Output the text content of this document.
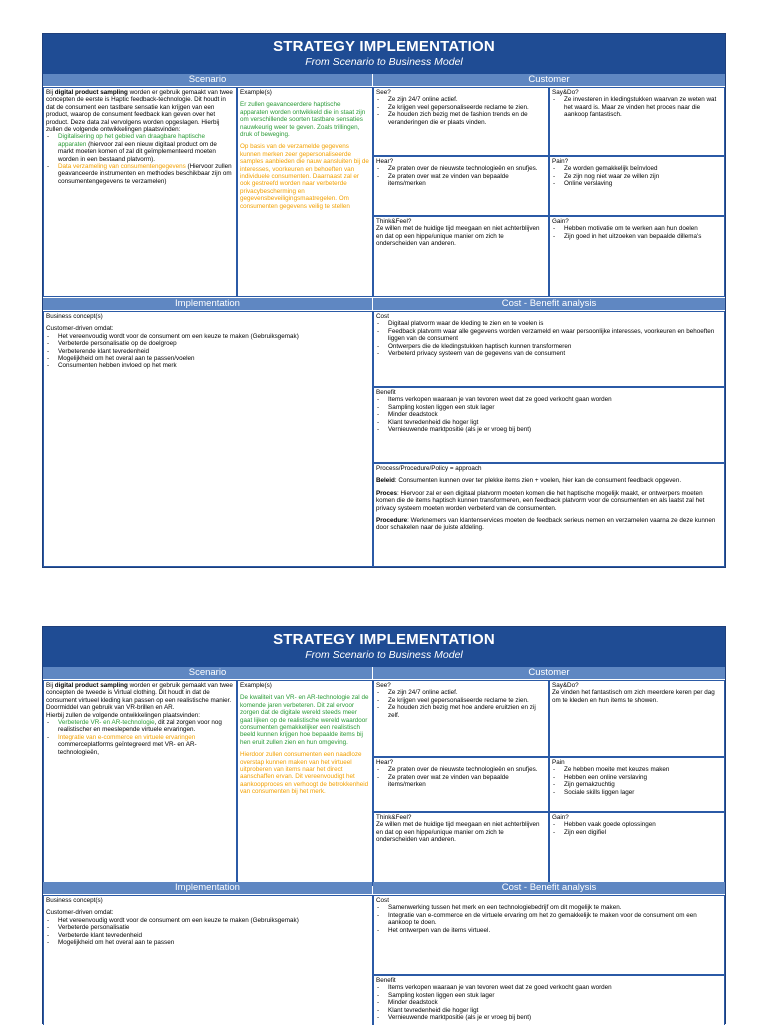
STRATEGY IMPLEMENTATION
From Scenario to Business Model
Scenario	Customer

Bij digital product sampling worden er gebruik gemaakt van twee concepten de eerste is Haptic feedback-technologie. Dit houdt in dat de consument een tastbare sensatie kan krijgen van een product, waarop de consument feedback kan geven over het product. Deze data zal vervolgens worden opgeslagen. Hierbij zullen de volgende ontwikkelingen plaatsvinden:

- Digitalisering op het gebied van draagbare haptische apparaten (hiervoor zal een nieuw digitaal product om de markt moeten komen of zal dit geïmplementeerd moeten worden in een bestaand platvorm).
- Data verzameling van consumentengegevens (Hiervoor zullen geavanceerde instrumenten en methodes beschikbaar zijn om consumentengegevens te verzamelen)
Example(s)

Er zullen geavanceerdere haptische apparaten worden ontwikkeld die in staat zijn om verschillende soorten tastbare sensaties nauwkeurig weer te geven. Zoals trillingen, druk of beweging.

Op basis van de verzamelde gegevens kunnen merken zeer gepersonaliseerde samples aanbieden die nauw aansluiten bij de interesses, voorkeuren en behoeften van individuele consumenten. Daarnaast zal er ook gestreefd worden naar verbeterde privacybescherming en gegevensbeveiligingsmaatregelen. Om consumenten gegevens veilig te stellen

See?
- Ze zijn 24/7 online actief.
- Ze krijgen veel gepersonaliseerde reclame te zien.
- Ze houden zich bezig met de fashion trends en de veranderingen die er plaats vinden.
Say&Do?
- Ze investeren in kledingstukken waarvan ze weten wat het waard is. Maar ze vinden het proces naar die aankoop fantastisch.
Hear?
- Ze praten over de nieuwste technologieën en snufjes.
- Ze praten over wat ze vinden van bepaalde items/merken
Pain?
- Ze worden gemakkelijk beïnvloed
- Ze zijn nog niet waar ze willen zijn
- Online verslaving
Think&Feel?

Ze willen met de huidige tijd meegaan en niet achterblijven en dat op een hippe/unique manier om zich te onderscheiden van anderen.

Gain?
- Hebben motivatie om te werken aan hun doelen
- Zijn goed in het uitzoeken van bepaalde dillema's
Implementation	Cost - Benefit analysis
Business concept(s)

Customer-driven omdat:

- Het vereenvoudig wordt voor de consument om een keuze te maken (Gebruiksgemak)
- Verbeterde personalisatie op de doelgroep
- Verbeterende klant tevredenheid
- Mogelijkheid om het overal aan te passen/voelen
- Consumenten hebben invloed op het merk
Cost
- Digitaal platvorm waar de kleding te zien en te voelen is
- Feedback platvorm waar alle gegevens worden verzameld en waar persoonlijke interesses, voorkeuren en behoeften liggen van de consument
- Ontwerpers die de kledingstukken haptisch kunnen transformeren
- Verbeterd privacy systeem van de gegevens van de consument
Benefit
- Items verkopen waaraan je van tevoren weet dat ze goed verkocht gaan worden
- Sampling kosten liggen een stuk lager
- Minder deadstock
- Klant tevredenheid die hoger ligt
- Vernieuwende marktpositie (als je er vroeg bij bent)
Process/Procedure/Policy = approach

Beleid: Consumenten kunnen over ter plekke items zien + voelen, hier kan de consument feedback opgeven.

Proces: Hiervoor zal er een digitaal platvorm moeten komen die het haptische mogelijk maakt, er ontwerpers moeten komen die de items haptisch kunnen transformeren, een feedback platvorm voor de consumenten en als laatst zal het privacy systeem moeten worden verbeterd van de consumenten.

Procedure: Werknemers van klantenservices moeten de feedback serieus nemen en verzamelen vaarna ze deze kunnen door schakelen naar de juiste afdeling.

STRATEGY IMPLEMENTATION
From Scenario to Business Model
Scenario	Customer

Bij digital product sampling worden er gebruik gemaakt van twee concepten de tweede is Virtual clothing. Dit houdt in dat de consument virtueel kleding kan passen op een realistische manier. Doormiddel van gebruik van VR-brillen en AR.

Hierbij zullen de volgende ontwikkelingen plaatsvinden:

- Verbeterde VR- en AR-technologie, dit zal zorgen voor nog realistischer en meeslepende virtuele ervaringen.
- Integratie van e-commerce en virtuele ervaringen commerceplatforms geïntegreerd met VR- en AR-technologieën,
Example(s)

De kwaliteit van VR- en AR-technologie zal de komende jaren verbeteren. Dit zal ervoor zorgen dat de digitale wereld steeds meer gaat lijken op de realistische wereld waardoor consumenten gemakkelijker een realistisch beeld kunnen krijgen hoe bepaalde items bij hen eruit zullen zien en hun omgeving.

Hierdoor zullen consumenten een naadloze overstap kunnen maken van het virtueel uitproberen van items naar het direct aanschaffen ervan. Dit vereenvoudigt het aankoopproces en verhoogt de betrokkenheid van consumenten bij het merk.

See?
- Ze zijn 24/7 online actief.
- Ze krijgen veel gepersonaliseerde reclame te zien.
- Ze houden zich bezig met hoe andere eruitzien en zij zelf.
Say&Do?

Ze vinden het fantastisch om zich meerdere keren per dag om te kleden en hun items te showen.

Hear?
- Ze praten over de nieuwste technologieën en snufjes.
- Ze praten over wat ze vinden van bepaalde items/merken
Pain
- Ze hebben moeite met keuzes maken
- Hebben een online verslaving
- Zijn gemakzuchtig
- Sociale skills liggen lager
Think&Feel?

Ze willen met de huidige tijd meegaan en niet achterblijven en dat op een hippe/unique manier om zich te onderscheiden van anderen.

Gain?
- Hebben vaak goede oplossingen
- Zijn een digifiel
Implementation	Cost - Benefit analysis
Business concept(s)

Customer-driven omdat:

- Het vereenvoudig wordt voor de consument om een keuze te maken (Gebruiksgemak)
- Verbeterde personalisatie
- Verbeterde klant tevredenheid
- Mogelijkheid om het overal aan te passen
Cost
- Samenwerking tussen het merk en een technologiebedrijf om dit mogelijk te maken.
- Integratie van e-commerce en de virtuele ervaring om het zo gemakkelijk te maken voor de consument om een aankoop te doen.
- Het ontwerpen van de items virtueel.
Benefit
- Items verkopen waaraan je van tevoren weet dat ze goed verkocht gaan worden
- Sampling kosten liggen een stuk lager
- Minder deadstock
- Klant tevredenheid die hoger ligt
- Vernieuwende marktpositie (als je er vroeg bij bent)
